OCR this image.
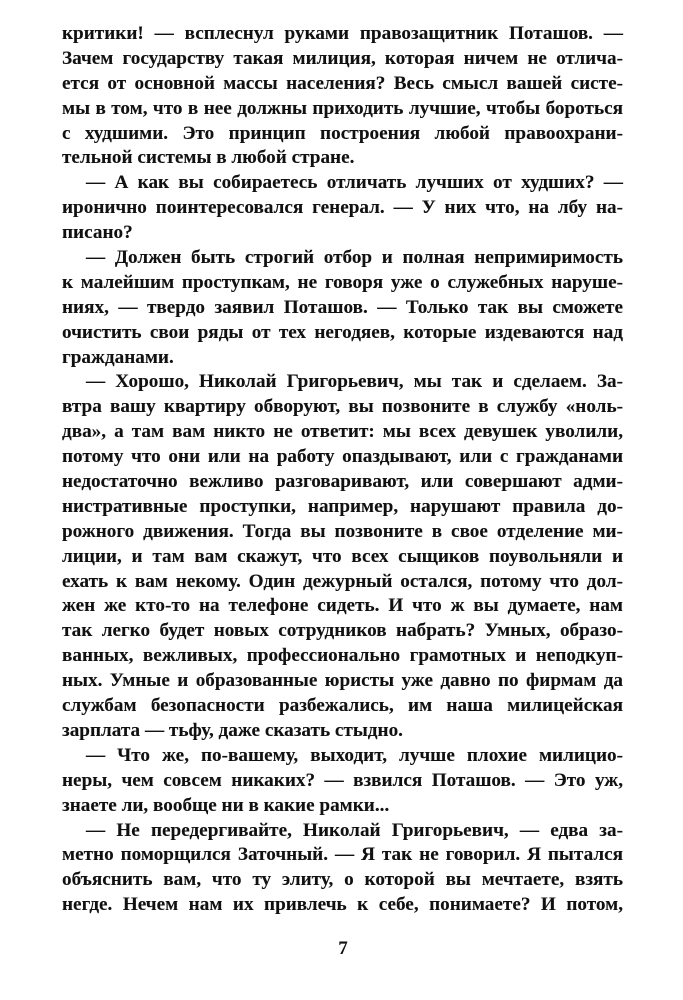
критики! — всплеснул руками правозащитник Поташов. —
Зачем государству такая милиция, которая ничем не отлича-
ется от основной массы населения? Весь смысл вашей систе-
мы в том, что в нее должны приходить лучшие, чтобы бороться
с худшими. Это принцип построения любой правоохрани-
тельной системы в любой стране.
— А как вы собираетесь отличать лучших от худших? —
иронично поинтересовался генерал. — У них что, на лбу на-
писано?
— Должен быть строгий отбор и полная непримиримость
к малейшим проступкам, не говоря уже о служебных наруше-
ниях, — твердо заявил Поташов. — Только так вы сможете
очистить свои ряды от тех негодяев, которые издеваются над
гражданами.
— Хорошо, Николай Григорьевич, мы так и сделаем. За-
втра вашу квартиру обворуют, вы позвоните в службу «ноль-
два», а там вам никто не ответит: мы всех девушек уволили,
потому что они или на работу опаздывают, или с гражданами
недостаточно вежливо разговаривают, или совершают адми-
нистративные проступки, например, нарушают правила до-
рожного движения. Тогда вы позвоните в свое отделение ми-
лиции, и там вам скажут, что всех сыщиков поувольняли и
ехать к вам некому. Один дежурный остался, потому что дол-
жен же кто-то на телефоне сидеть. И что ж вы думаете, нам
так легко будет новых сотрудников набрать? Умных, образо-
ванных, вежливых, профессионально грамотных и неподкуп-
ных. Умные и образованные юристы уже давно по фирмам да
службам безопасности разбежались, им наша милицейская
зарплата — тьфу, даже сказать стыдно.
— Что же, по-вашему, выходит, лучше плохие милицио-
неры, чем совсем никаких? — взвился Поташов. — Это уж,
знаете ли, вообще ни в какие рамки...
— Не передергивайте, Николай Григорьевич, — едва за-
метно поморщился Заточный. — Я так не говорил. Я пытался
объяснить вам, что ту элиту, о которой вы мечтаете, взять
негде. Нечем нам их привлечь к себе, понимаете? И потом,
7
